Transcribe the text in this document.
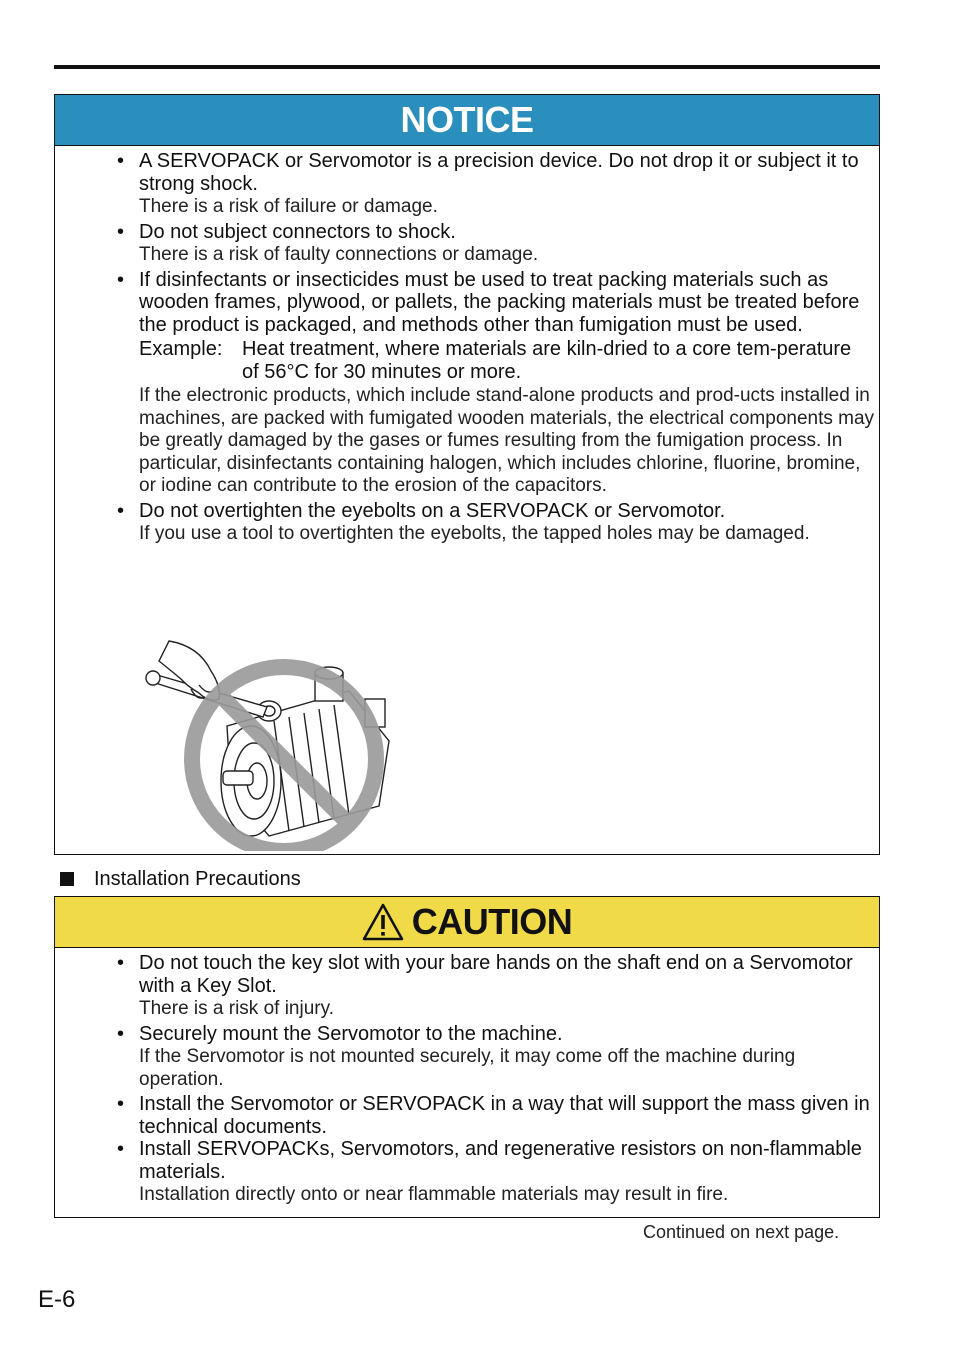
NOTICE
• A SERVOPACK or Servomotor is a precision device. Do not drop it or subject it to strong shock.

There is a risk of failure or damage.

• Do not subject connectors to shock.

There is a risk of faulty connections or damage.

• If disinfectants or insecticides must be used to treat packing materials such as wooden frames, plywood, or pallets, the packing materials must be treated before the product is packaged, and methods other than fumigation must be used.

Example: Heat treatment, where materials are kiln-dried to a core tem-perature of 56°C for 30 minutes or more.

If the electronic products, which include stand-alone products and prod-ucts installed in machines, are packed with fumigated wooden materials, the electrical components may be greatly damaged by the gases or fumes resulting from the fumigation process. In particular, disinfectants containing halogen, which includes chlorine, fluorine, bromine, or iodine can contribute to the erosion of the capacitors.

• Do not overtighten the eyebolts on a SERVOPACK or Servomotor.

If you use a tool to overtighten the eyebolts, the tapped holes may be damaged.

Installation Precautions
CAUTION
• Do not touch the key slot with your bare hands on the shaft end on a Servomotor with a Key Slot.

There is a risk of injury.

• Securely mount the Servomotor to the machine.

If the Servomotor is not mounted securely, it may come off the machine during operation.

• Install the Servomotor or SERVOPACK in a way that will support the mass given in technical documents.

• Install SERVOPACKs, Servomotors, and regenerative resistors on non-flammable materials.

Installation directly onto or near flammable materials may result in fire.

Continued on next page.
E-6
